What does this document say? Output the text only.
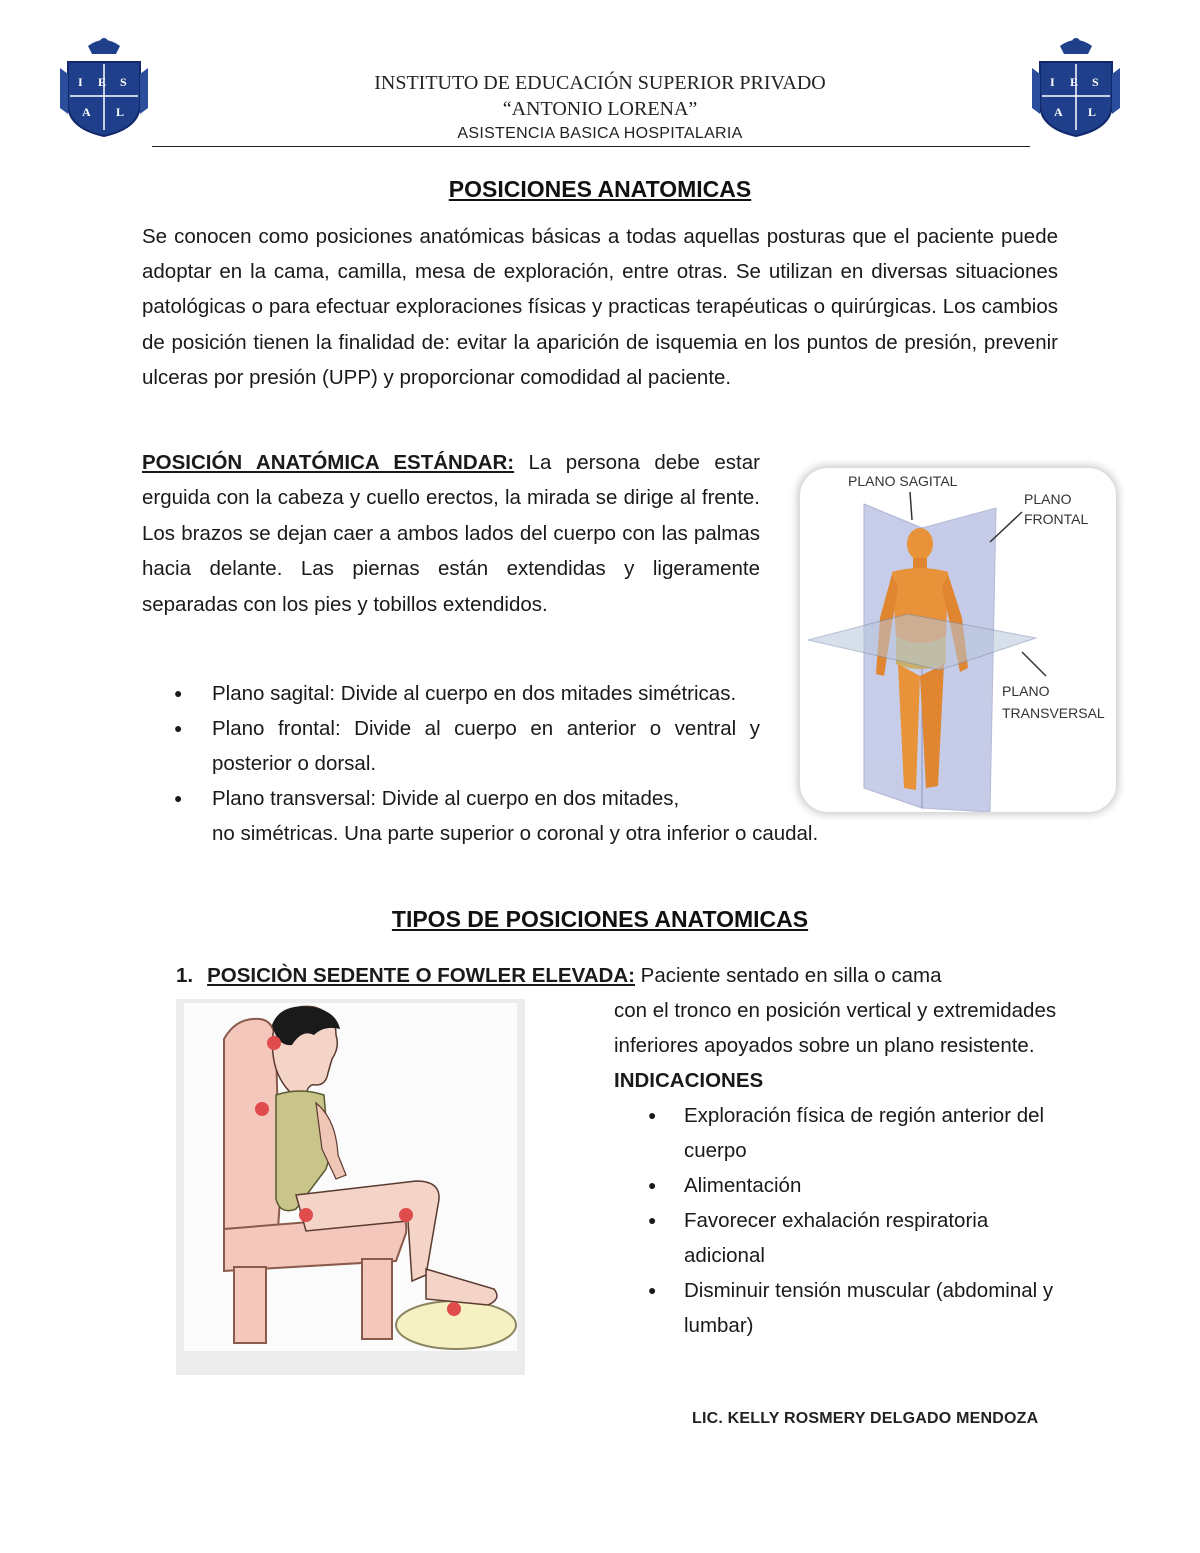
I E S
A L
I E S
A L
INSTITUTO DE EDUCACIÓN SUPERIOR PRIVADO
“ANTONIO LORENA”
ASISTENCIA BASICA HOSPITALARIA
POSICIONES ANATOMICAS
Se conocen como posiciones anatómicas básicas a todas aquellas posturas que el paciente puede adoptar en la cama, camilla, mesa de exploración, entre otras. Se utilizan en diversas situaciones patológicas o para efectuar exploraciones físicas y practicas terapéuticas o quirúrgicas. Los cambios de posición tienen la finalidad de: evitar la aparición de isquemia en los puntos de presión, prevenir ulceras por presión (UPP) y proporcionar comodidad al paciente.
POSICIÓN ANATÓMICA ESTÁNDAR: La persona debe estar erguida con la cabeza y cuello erectos, la mirada se dirige al frente. Los brazos se dejan caer a ambos lados del cuerpo con las palmas hacia delante. Las piernas están extendidas y ligeramente separadas con los pies y tobillos extendidos.
● Plano sagital: Divide al cuerpo en dos mitades simétricas.
● Plano frontal: Divide al cuerpo en anterior o ventral y posterior o dorsal.
● Plano transversal: Divide al cuerpo en dos mitades,
no simétricas. Una parte superior o coronal y otra inferior o caudal.
PLANO SAGITAL
PLANO
FRONTAL
PLANO
TRANSVERSAL
TIPOS DE POSICIONES ANATOMICAS
1. POSICIÒN SEDENTE O FOWLER ELEVADA: Paciente sentado en silla o cama
con el tronco en posición vertical y extremidades inferiores apoyados sobre un plano resistente.
INDICACIONES
● Exploración física de región anterior del cuerpo
● Alimentación
● Favorecer exhalación respiratoria adicional
● Disminuir tensión muscular (abdominal y lumbar)
LIC. KELLY ROSMERY DELGADO MENDOZA
